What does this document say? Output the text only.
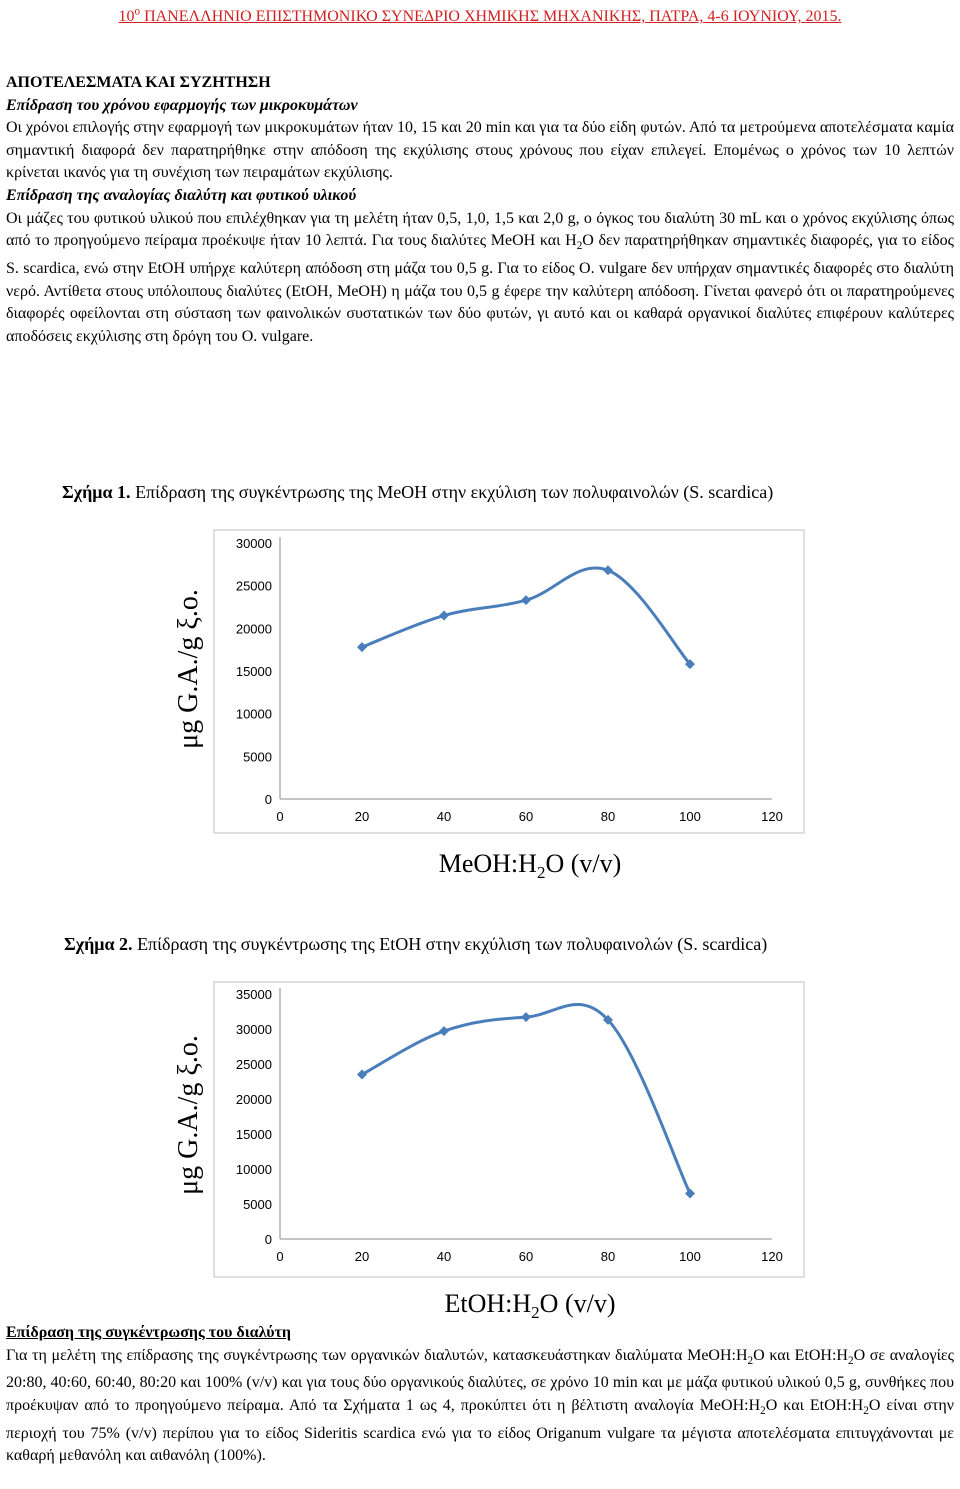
$10^o$ ΠΑΝΕΛΛΗΝΙΟ ΕΠΙΣΤΗΜΟΝΙΚΟ ΣΥΝΕΔΡΙΟ ΧΗΜΙΚΗΣ ΜΗΧΑΝΙΚΗΣ, ΠΑΤΡΑ, 4-6 ΙΟΥΝΙΟΥ, 2015.

ΑΠΟΤΕΛΕΣΜΑΤΑ ΚΑΙ ΣΥΖΗΤΗΣΗ

Επίδραση του χρόνου εφαρμογής των μικροκυμάτων

Οι χρόνοι επιλογής στην εφαρμογή των μικροκυμάτων ήταν 10, 15 και 20 min και για τα δύο είδη φυτών. Από τα μετρούμενα αποτελέσματα καμία σημαντική διαφορά δεν παρατηρήθηκε στην απόδοση της εκχύλισης στους χρόνους που είχαν επιλεγεί. Επομένως ο χρόνος των 10 λεπτών κρίνεται ικανός για τη συνέχιση των πειραμάτων εκχύλισης.

Επίδραση της αναλογίας διαλύτη και φυτικού υλικού

Οι μάζες του φυτικού υλικού που επιλέχθηκαν για τη μελέτη ήταν 0,5, 1,0, 1,5 και 2,0 g, ο όγκος του διαλύτη 30 mL και ο χρόνος εκχύλισης όπως από το προηγούμενο πείραμα προέκυψε ήταν 10 λεπτά. Για τους διαλύτες MeOH και $H_2O$ δεν παρατηρήθηκαν σημαντικές διαφορές, για το είδος S. scardica, ενώ στην EtOH υπήρχε καλύτερη απόδοση στη μάζα του 0,5 g. Για το είδος O. vulgare δεν υπήρχαν σημαντικές διαφορές στο διαλύτη νερό. Αντίθετα στους υπόλοιπους διαλύτες (EtOH, MeOH) η μάζα του 0,5 g έφερε την καλύτερη απόδοση. Γίνεται φανερό ότι οι παρατηρούμενες διαφορές οφείλονται στη σύσταση των φαινολικών συστατικών των δύο φυτών, γι αυτό και οι καθαρά οργανικοί διαλύτες επιφέρουν καλύτερες αποδόσεις εκχύλισης στη δρόγη του O. vulgare.

Σχήμα 1. Επίδραση της συγκέντρωσης της MeOH στην εκχύλιση των πολυφαινολών (S. scardica)
0
5000
10000
15000
20000
25000
30000
0	20	40	60	80	100	120
μg G.A./g ξ.ο.
$MeOH:H_2O$ (v/v)
Σχήμα 2. Επίδραση της συγκέντρωσης της EtOH στην εκχύλιση των πολυφαινολών (S. scardica)
0
5000
10000
15000
20000
25000
30000
35000
0	20	40	60	80	100	120
μg G.A./g ξ.ο.
$EtOH:H_2O$ (v/v)

Επίδραση της συγκέντρωσης του διαλύτη

Για τη μελέτη της επίδρασης της συγκέντρωσης των οργανικών διαλυτών, κατασκευάστηκαν διαλύματα $MeOH:H_2O$ και $EtOH:H_2O$ σε αναλογίες 20:80, 40:60, 60:40, 80:20 και 100% (v/v) και για τους δύο οργανικούς διαλύτες, σε χρόνο 10 min και με μάζα φυτικού υλικού 0,5 g, συνθήκες που προέκυψαν από το προηγούμενο πείραμα. Από τα Σχήματα 1 ως 4, προκύπτει ότι η βέλτιστη αναλογία $MeOH:H_2O$ και $EtOH:H_2O$ είναι στην περιοχή του 75% (v/v) περίπου για το είδος Sideritis scardica ενώ για το είδος Origanum vulgare τα μέγιστα αποτελέσματα επιτυγχάνονται με καθαρή μεθανόλη και αιθανόλη (100%).
